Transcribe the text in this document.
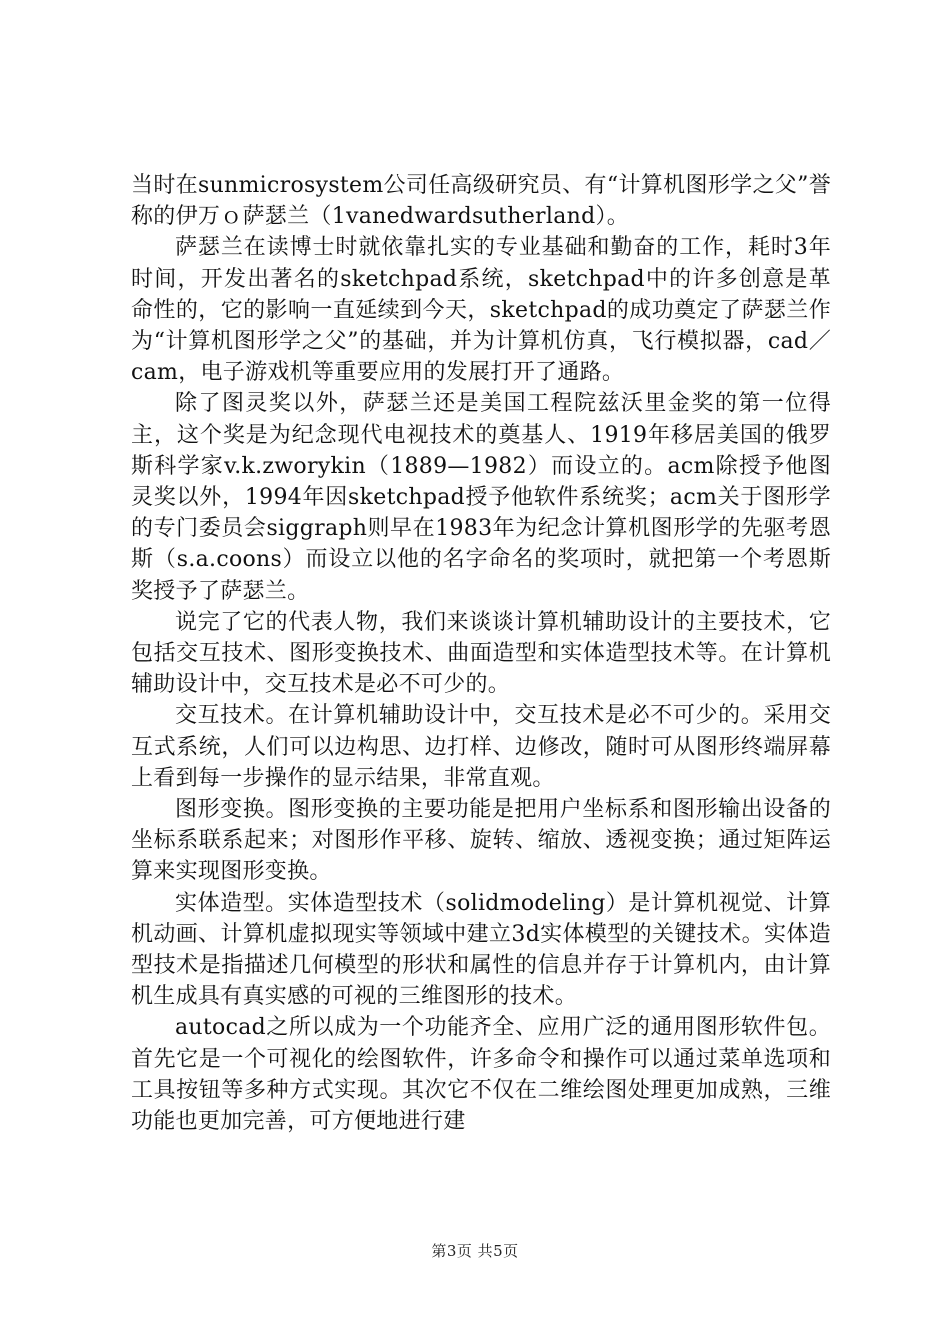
当时在sunmicrosystem公司任高级研究员、有“计算机图形学之父”誉称的伊万ｏ萨瑟兰（1vanedwardsutherland）。

萨瑟兰在读博士时就依靠扎实的专业基础和勤奋的工作，耗时3年时间，开发出著名的sketchpad系统，sketchpad中的许多创意是革命性的，它的影响一直延续到今天，sketchpad的成功奠定了萨瑟兰作为“计算机图形学之父”的基础，并为计算机仿真，飞行模拟器，cad／cam，电子游戏机等重要应用的发展打开了通路。

除了图灵奖以外，萨瑟兰还是美国工程院兹沃里金奖的第一位得主，这个奖是为纪念现代电视技术的奠基人、1919年移居美国的俄罗斯科学家v.k.zworykin（1889—1982）而设立的。acm除授予他图灵奖以外，1994年因sketchpad授予他软件系统奖；acm关于图形学的专门委员会siggraph则早在1983年为纪念计算机图形学的先驱考恩斯（s.a.coons）而设立以他的名字命名的奖项时，就把第一个考恩斯奖授予了萨瑟兰。

说完了它的代表人物，我们来谈谈计算机辅助设计的主要技术，它包括交互技术、图形变换技术、曲面造型和实体造型技术等。在计算机辅助设计中，交互技术是必不可少的。

交互技术。在计算机辅助设计中，交互技术是必不可少的。采用交互式系统，人们可以边构思、边打样、边修改，随时可从图形终端屏幕上看到每一步操作的显示结果，非常直观。

图形变换。图形变换的主要功能是把用户坐标系和图形输出设备的坐标系联系起来；对图形作平移、旋转、缩放、透视变换；通过矩阵运算来实现图形变换。

实体造型。实体造型技术（solidmodeling）是计算机视觉、计算机动画、计算机虚拟现实等领域中建立3d实体模型的关键技术。实体造型技术是指描述几何模型的形状和属性的信息并存于计算机内，由计算机生成具有真实感的可视的三维图形的技术。

autocad之所以成为一个功能齐全、应用广泛的通用图形软件包。首先它是一个可视化的绘图软件，许多命令和操作可以通过菜单选项和工具按钮等多种方式实现。其次它不仅在二维绘图处理更加成熟，三维功能也更加完善，可方便地进行建

第3页 共5页
